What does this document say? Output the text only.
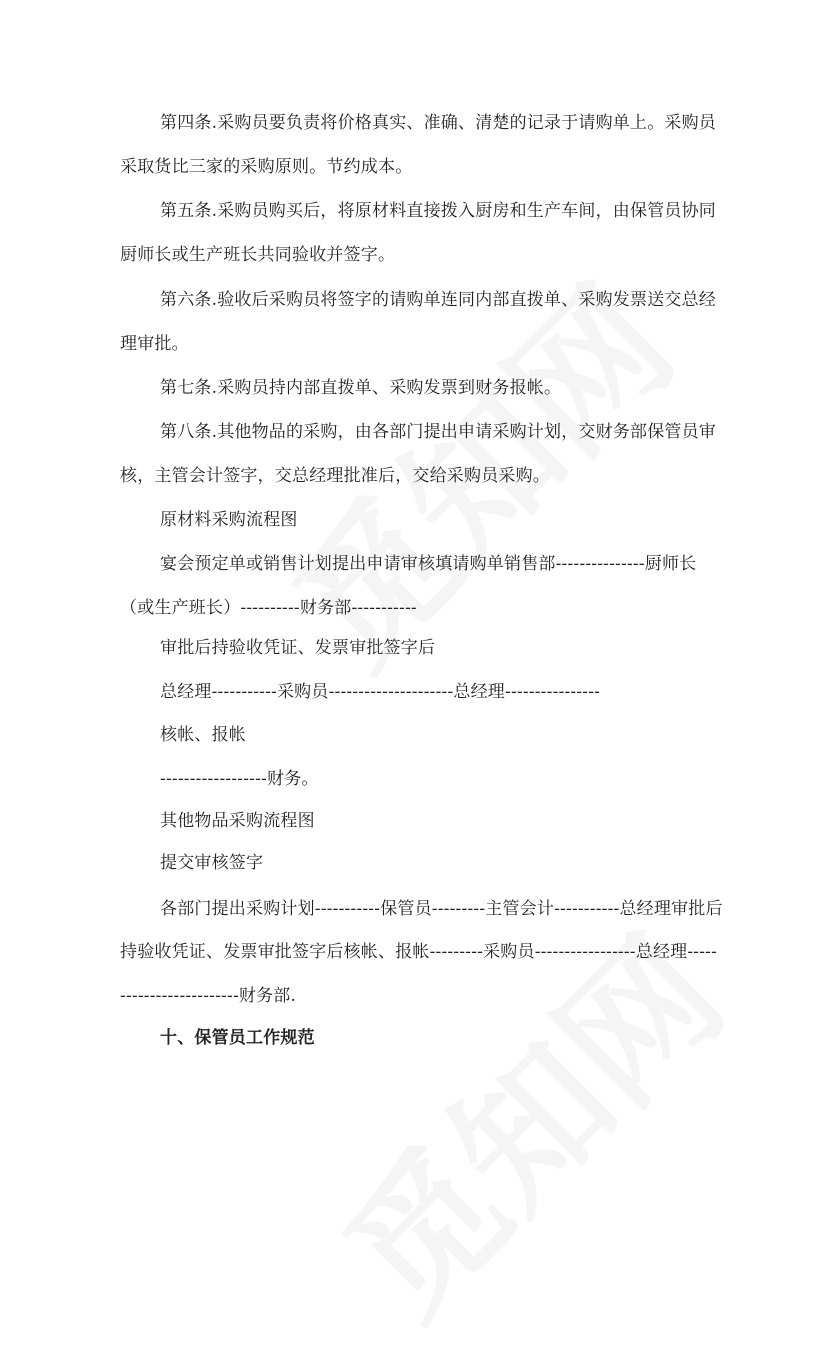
第四条.采购员要负责将价格真实、准确、清楚的记录于请购单上。采购员
采取货比三家的采购原则。节约成本。
第五条.采购员购买后，将原材料直接拨入厨房和生产车间，由保管员协同
厨师长或生产班长共同验收并签字。
第六条.验收后采购员将签字的请购单连同内部直拨单、采购发票送交总经
理审批。
第七条.采购员持内部直拨单、采购发票到财务报帐。
第八条.其他物品的采购，由各部门提出申请采购计划，交财务部保管员审
核，主管会计签字，交总经理批准后，交给采购员采购。
原材料采购流程图
宴会预定单或销售计划提出申请审核填请购单销售部---------------厨师长
（或生产班长）----------财务部-----------
审批后持验收凭证、发票审批签字后
总经理-----------采购员---------------------总经理----------------
核帐、报帐
------------------财务。
其他物品采购流程图
提交审核签字
各部门提出采购计划-----------保管员---------主管会计-----------总经理审批后
持验收凭证、发票审批签字后核帐、报帐---------采购员-----------------总经理-----
--------------------财务部.
十、保管员工作规范
